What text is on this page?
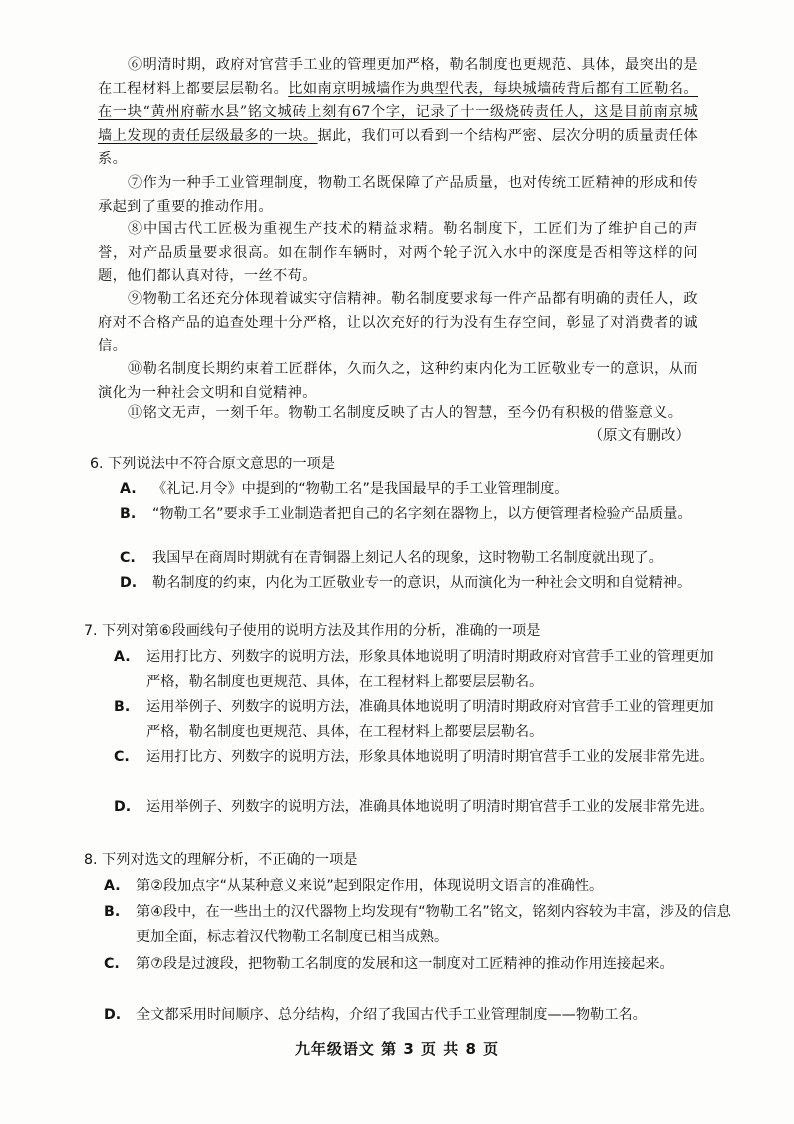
⑥明清时期，政府对官营手工业的管理更加严格，勒名制度也更规范、具体，最突出的是在工程材料上都要层层勒名。比如南京明城墙作为典型代表，每块城墙砖背后都有工匠勒名。在一块“黄州府蕲水县”铭文城砖上刻有67个字，记录了十一级烧砖责任人，这是目前南京城墙上发现的责任层级最多的一块。据此，我们可以看到一个结构严密、层次分明的质量责任体系。

⑦作为一种手工业管理制度，物勒工名既保障了产品质量，也对传统工匠精神的形成和传承起到了重要的推动作用。

⑧中国古代工匠极为重视生产技术的精益求精。勒名制度下，工匠们为了维护自己的声誉，对产品质量要求很高。如在制作车辆时，对两个轮子沉入水中的深度是否相等这样的问题，他们都认真对待，一丝不苟。

⑨物勒工名还充分体现着诚实守信精神。勒名制度要求每一件产品都有明确的责任人，政府对不合格产品的追查处理十分严格，让以次充好的行为没有生存空间，彰显了对消费者的诚信。

⑩勒名制度长期约束着工匠群体，久而久之，这种约束内化为工匠敬业专一的意识，从而演化为一种社会文明和自觉精神。

⑪铭文无声，一刻千年。物勒工名制度反映了古人的智慧，至今仍有积极的借鉴意义。

（原文有删改）

6. 下列说法中不符合原文意思的一项是

A. 《礼记.月令》中提到的“物勒工名”是我国最早的手工业管理制度。

B. “物勒工名”要求手工业制造者把自己的名字刻在器物上，以方便管理者检验产品质量。

C. 我国早在商周时期就有在青铜器上刻记人名的现象，这时物勒工名制度就出现了。

D. 勒名制度的约束，内化为工匠敬业专一的意识，从而演化为一种社会文明和自觉精神。

7. 下列对第⑥段画线句子使用的说明方法及其作用的分析，准确的一项是

A. 运用打比方、列数字的说明方法，形象具体地说明了明清时期政府对官营手工业的管理更加严格，勒名制度也更规范、具体，在工程材料上都要层层勒名。

B. 运用举例子、列数字的说明方法，准确具体地说明了明清时期政府对官营手工业的管理更加严格，勒名制度也更规范、具体，在工程材料上都要层层勒名。

C. 运用打比方、列数字的说明方法，形象具体地说明了明清时期官营手工业的发展非常先进。

D. 运用举例子、列数字的说明方法，准确具体地说明了明清时期官营手工业的发展非常先进。

8. 下列对选文的理解分析，不正确的一项是

A. 第②段加点字“从某种意义来说”起到限定作用，体现说明文语言的准确性。

B. 第④段中，在一些出土的汉代器物上均发现有“物勒工名”铭文，铭刻内容较为丰富，涉及的信息更加全面，标志着汉代物勒工名制度已相当成熟。

C. 第⑦段是过渡段，把物勒工名制度的发展和这一制度对工匠精神的推动作用连接起来。

D. 全文都采用时间顺序、总分结构，介绍了我国古代手工业管理制度——物勒工名。

九年级语文 第 3 页 共 8 页
